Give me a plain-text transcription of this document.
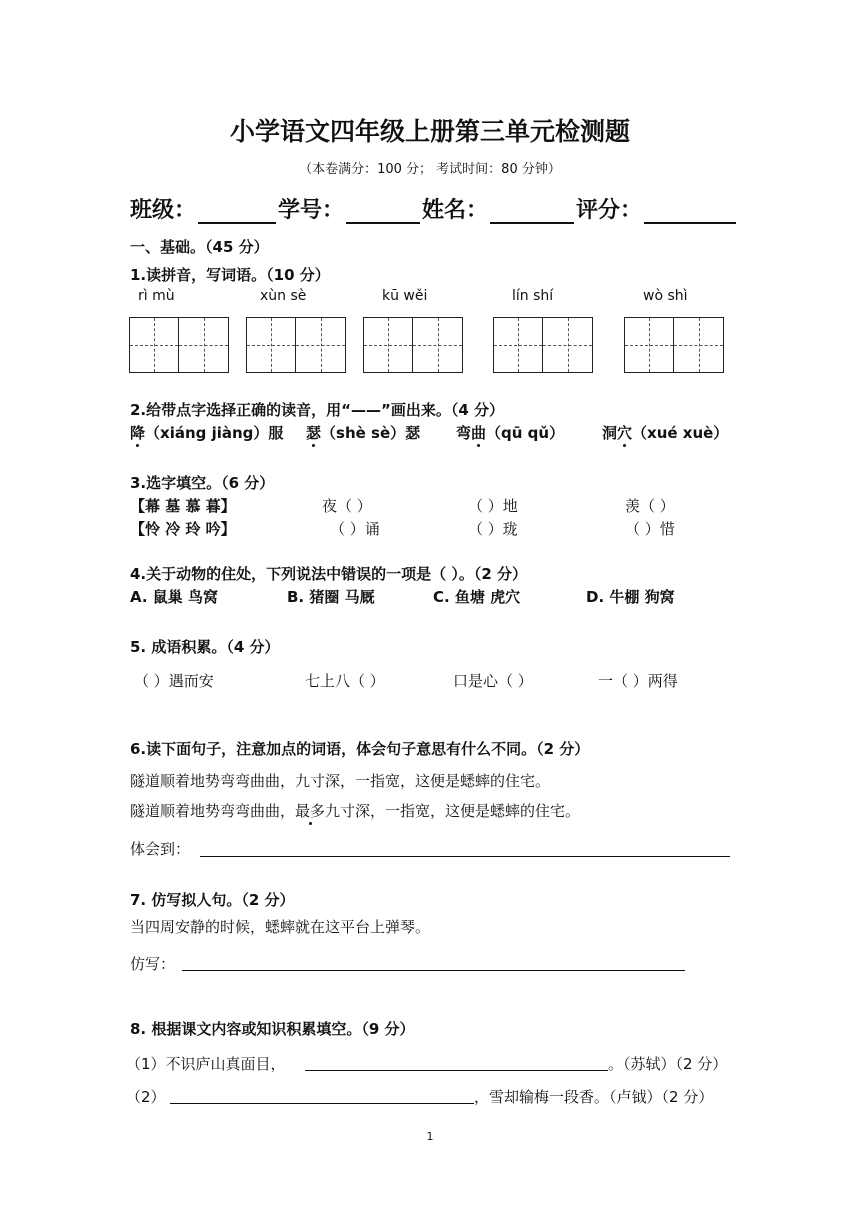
小学语文四年级上册第三单元检测题
（本卷满分：100 分； 考试时间：80 分钟）
班级：	学号：	姓名：	评分：
一、基础。（45 分）
1.读拼音，写词语。（10 分）
rì mù	xùn sè	kū wěi	lín shí	wò shì
2.给带点字选择正确的读音，用“——”画出来。（4 分）
降（xiáng jiàng）服 瑟（shè sè）瑟 弯曲（qū qǔ）	洞穴（xué xuè）
3.选字填空。（6 分）
【幕 墓 慕 暮】	夜（ ）	（ ）地	羡（ ）
【怜 冷 玲 吟】	（ ）诵	（ ）珑	（ ）惜
4.关于动物的住处，下列说法中错误的一项是（ ）。（2 分）
A. 鼠巢 鸟窝	B. 猪圈 马厩	C. 鱼塘 虎穴	D. 牛棚 狗窝
5. 成语积累。（4 分）
（ ）遇而安	七上八（ ）	口是心（ ）	一（ ）两得
6.读下面句子，注意加点的词语，体会句子意思有什么不同。（2 分）
隧道顺着地势弯弯曲曲，九寸深，一指宽，这便是蟋蟀的住宅。
隧道顺着地势弯弯曲曲，最多九寸深，一指宽，这便是蟋蟀的住宅。
体会到：
7. 仿写拟人句。（2 分）
当四周安静的时候，蟋蟀就在这平台上弹琴。
仿写：
8. 根据课文内容或知识积累填空。（9 分）
（1）不识庐山真面目，	。（苏轼）（2 分）
（2）	，雪却输梅一段香。（卢钺）（2 分）
1
